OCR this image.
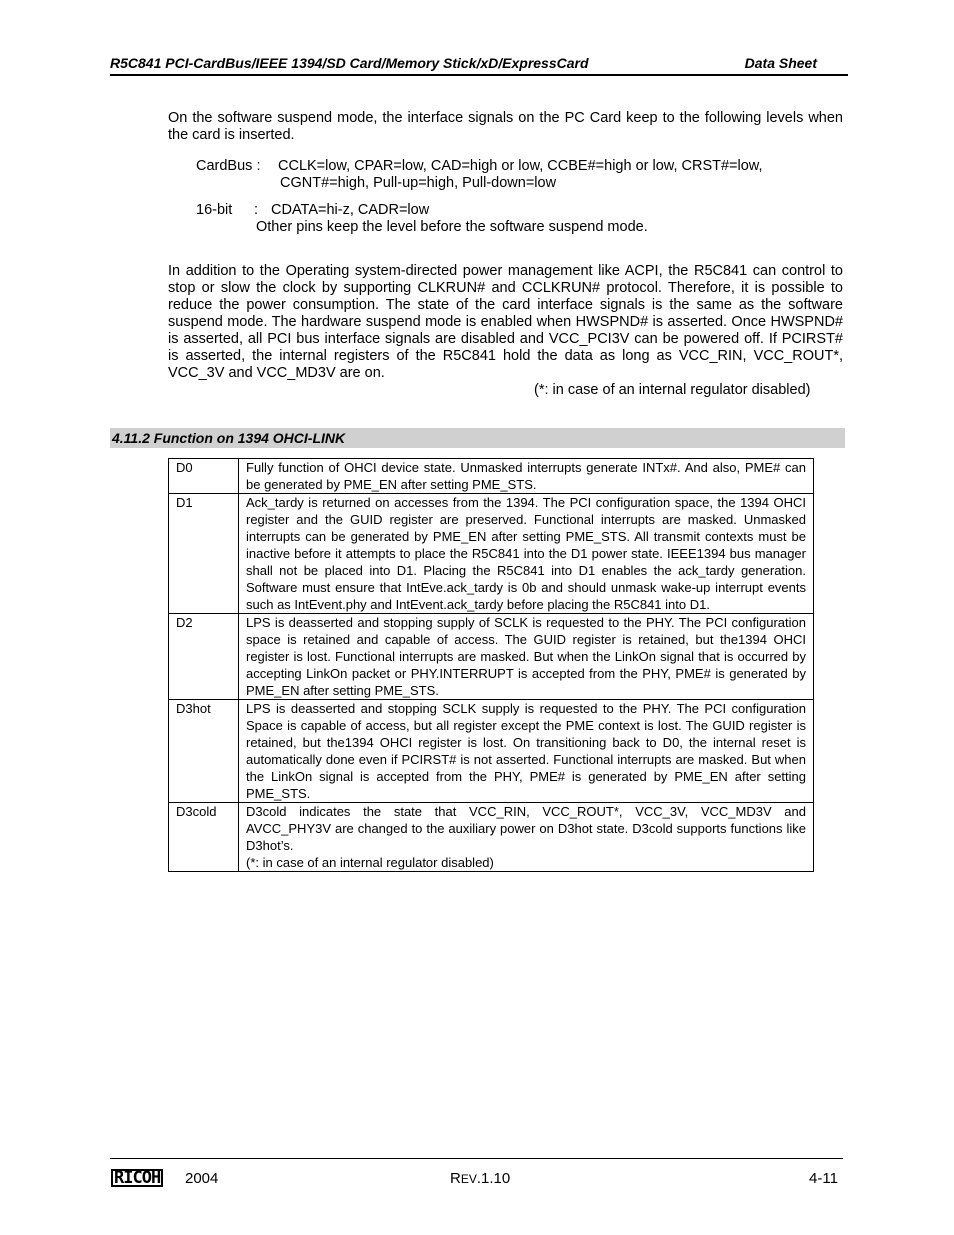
R5C841 PCI-CardBus/IEEE 1394/SD Card/Memory Stick/xD/ExpressCard	Data Sheet
On the software suspend mode, the interface signals on the PC Card keep to the following levels when the card is inserted.
CardBus : CCLK=low, CPAR=low, CAD=high or low, CCBE#=high or low, CRST#=low,
CGNT#=high, Pull-up=high, Pull-down=low
16-bit : CDATA=hi-z, CADR=low
Other pins keep the level before the software suspend mode.
In addition to the Operating system-directed power management like ACPI, the R5C841 can control to stop or slow the clock by supporting CLKRUN# and CCLKRUN# protocol. Therefore, it is possible to reduce the power consumption. The state of the card interface signals is the same as the software suspend mode. The hardware suspend mode is enabled when HWSPND# is asserted. Once HWSPND# is asserted, all PCI bus interface signals are disabled and VCC_PCI3V can be powered off. If PCIRST# is asserted, the internal registers of the R5C841 hold the data as long as VCC_RIN, VCC_ROUT*, VCC_3V and VCC_MD3V are on.
(*: in case of an internal regulator disabled)
4.11.2 Function on 1394 OHCI-LINK
D0	Fully function of OHCI device state. Unmasked interrupts generate INTx#. And also, PME# can be generated by PME_EN after setting PME_STS.
D1	Ack_tardy is returned on accesses from the 1394. The PCI configuration space, the 1394 OHCI register and the GUID register are preserved. Functional interrupts are masked. Unmasked interrupts can be generated by PME_EN after setting PME_STS. All transmit contexts must be inactive before it attempts to place the R5C841 into the D1 power state. IEEE1394 bus manager shall not be placed into D1. Placing the R5C841 into D1 enables the ack_tardy generation. Software must ensure that IntEve.ack_tardy is 0b and should unmask wake-up interrupt events such as IntEvent.phy and IntEvent.ack_tardy before placing the R5C841 into D1.
D2	LPS is deasserted and stopping supply of SCLK is requested to the PHY. The PCI configuration space is retained and capable of access. The GUID register is retained, but the1394 OHCI register is lost. Functional interrupts are masked. But when the LinkOn signal that is occurred by accepting LinkOn packet or PHY.INTERRUPT is accepted from the PHY, PME# is generated by PME_EN after setting PME_STS.
D3hot	LPS is deasserted and stopping SCLK supply is requested to the PHY. The PCI configuration Space is capable of access, but all register except the PME context is lost. The GUID register is retained, but the1394 OHCI register is lost. On transitioning back to D0, the internal reset is automatically done even if PCIRST# is not asserted. Functional interrupts are masked. But when the LinkOn signal is accepted from the PHY, PME# is generated by PME_EN after setting PME_STS.
D3cold	D3cold indicates the state that VCC_RIN, VCC_ROUT*, VCC_3V, VCC_MD3V and AVCC_PHY3V are changed to the auxiliary power on D3hot state. D3cold supports functions like D3hot’s.
(*: in case of an internal regulator disabled)
RICOH 2004	REV.1.10	4-11
